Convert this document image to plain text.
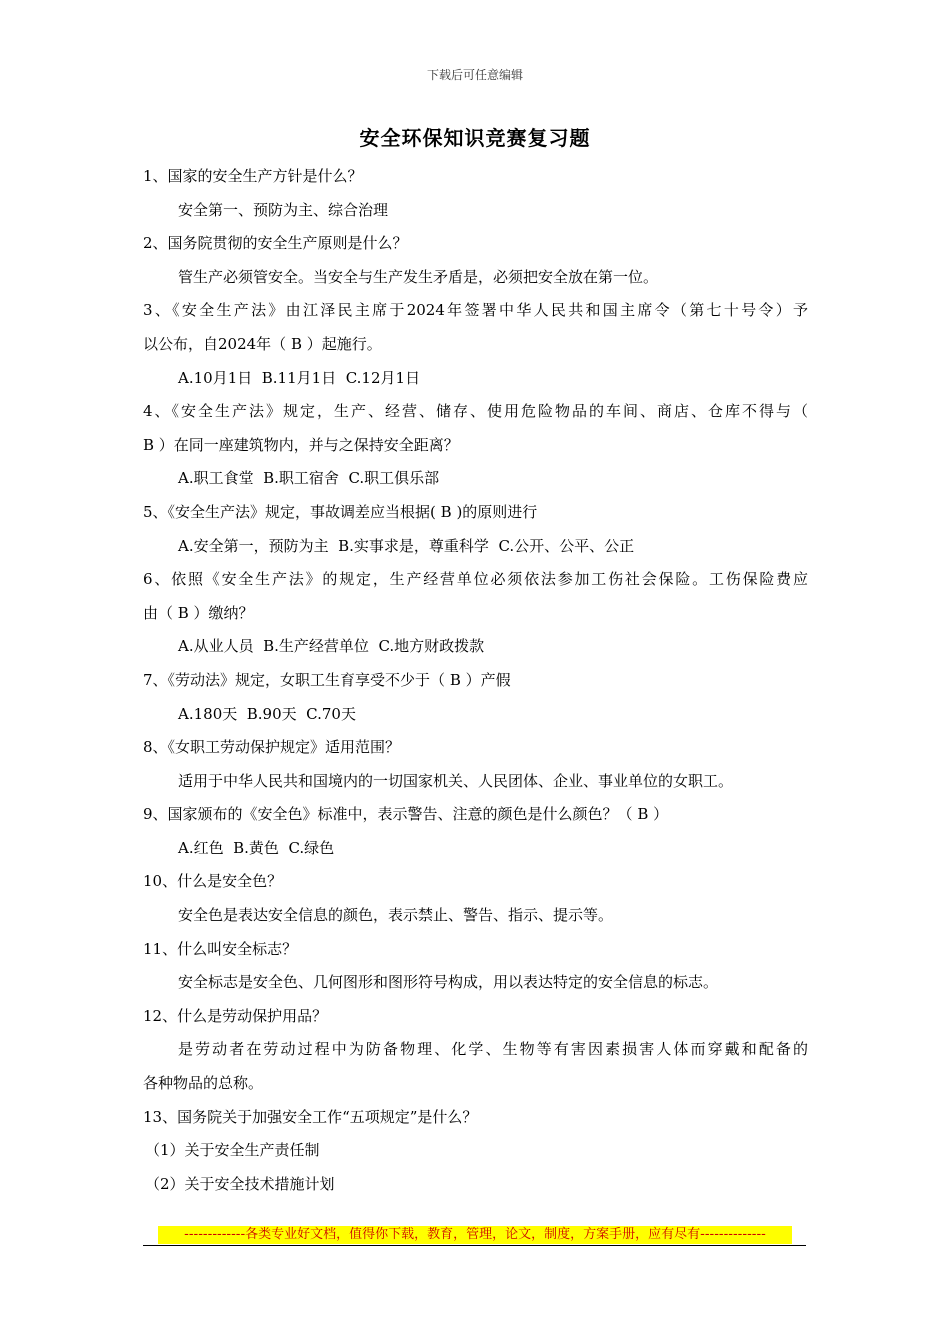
下载后可任意编辑
安全环保知识竞赛复习题
1、国家的安全生产方针是什么？
安全第一、预防为主、综合治理
2、国务院贯彻的安全生产原则是什么？
管生产必须管安全。当安全与生产发生矛盾是，必须把安全放在第一位。
3、《安全生产法》由江泽民主席于2024年签署中华人民共和国主席令（第七十号令）予
以公布，自2024年（ B ）起施行。
A.10月1日  B.11月1日  C.12月1日
4、《安全生产法》规定，生产、经营、储存、使用危险物品的车间、商店、仓库不得与（
B ）在同一座建筑物内，并与之保持安全距离？
A.职工食堂  B.职工宿舍  C.职工俱乐部
5、《安全生产法》规定，事故调差应当根据( B )的原则进行
A.安全第一，预防为主  B.实事求是，尊重科学  C.公开、公平、公正
6、依照《安全生产法》的规定，生产经营单位必须依法参加工伤社会保险。工伤保险费应
由（ B ）缴纳？
A.从业人员  B.生产经营单位  C.地方财政拨款
7、《劳动法》规定，女职工生育享受不少于（ B ）产假
A.180天  B.90天  C.70天
8、《女职工劳动保护规定》适用范围？
适用于中华人民共和国境内的一切国家机关、人民团体、企业、事业单位的女职工。
9、国家颁布的《安全色》标准中，表示警告、注意的颜色是什么颜色？（ B ）
A.红色  B.黄色  C.绿色
10、什么是安全色？
安全色是表达安全信息的颜色，表示禁止、警告、指示、提示等。
11、什么叫安全标志？
安全标志是安全色、几何图形和图形符号构成，用以表达特定的安全信息的标志。
12、什么是劳动保护用品？
是劳动者在劳动过程中为防备物理、化学、生物等有害因素损害人体而穿戴和配备的
各种物品的总称。
13、国务院关于加强安全工作“五项规定”是什么？
（1）关于安全生产责任制
（2）关于安全技术措施计划
-------------各类专业好文档，值得你下载，教育，管理，论文，制度，方案手册，应有尽有--------------
